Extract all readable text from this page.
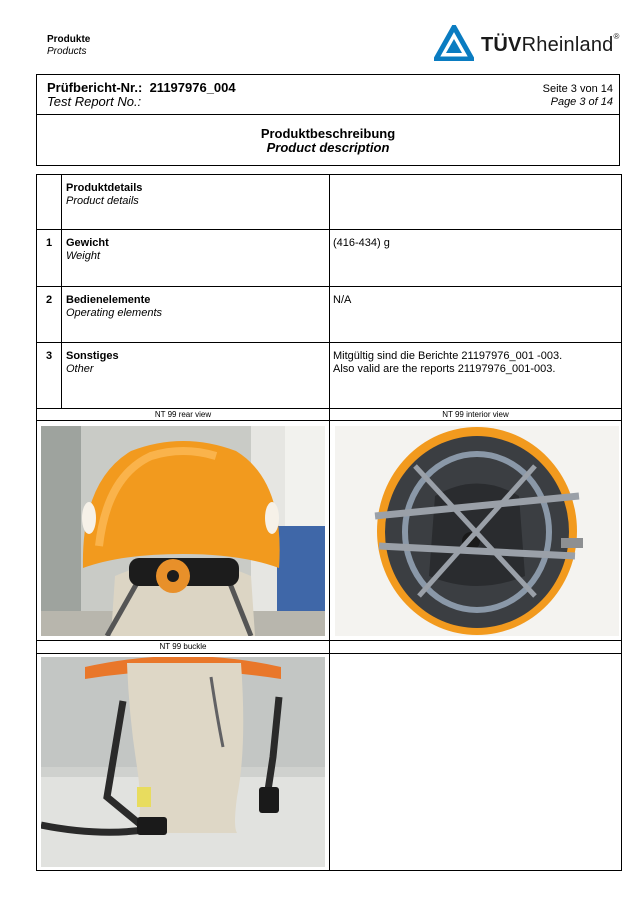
Produkte
Products	TÜVRheinland®
Prüfbericht-Nr.: 21197976_004
Test Report No.:
Seite 3 von 14
Page 3 of 14
Produktbeschreibung
Product description
Produktdetails
Product details
1 Gewicht
Weight
(416-434) g
2 Bedienelemente
Operating elements
N/A
3 Sonstiges
Other
Mitgültig sind die Berichte 21197976_001 -003.
Also valid are the reports 21197976_001-003.
NT 99 rear view	NT 99 interior view
NT 99 buckle
